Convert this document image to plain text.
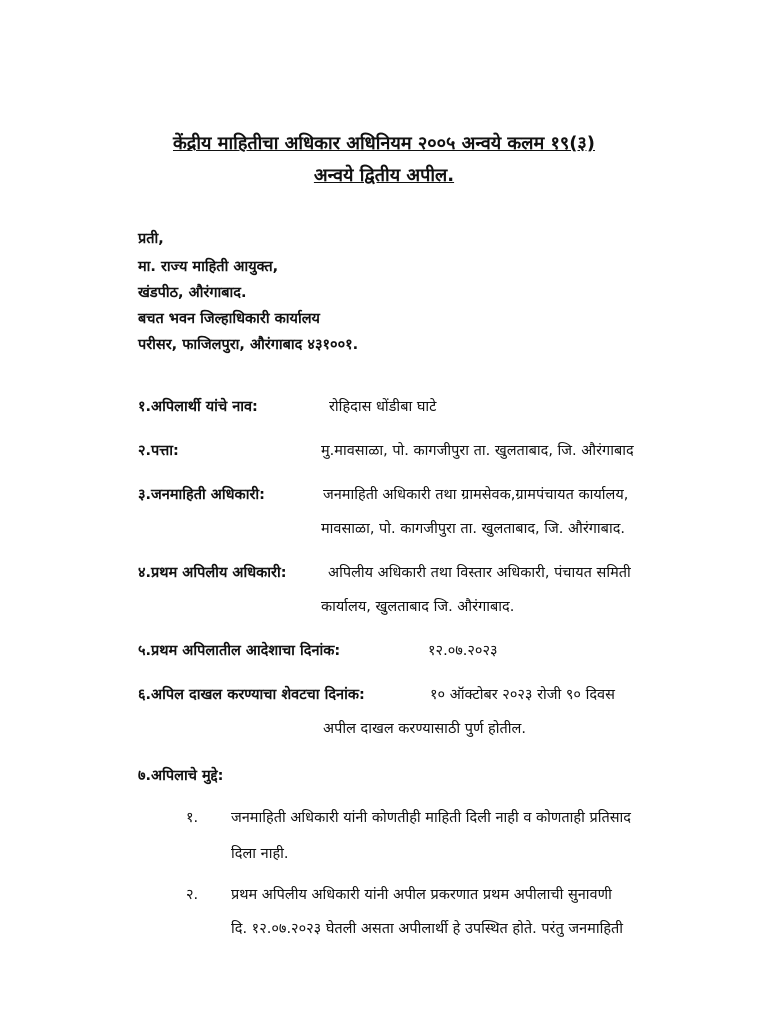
केंद्रीय माहितीचा अधिकार अधिनियम २००५ अन्वये कलम १९(३)
अन्वये द्वितीय अपील.
प्रती,
मा. राज्य माहिती आयुक्त,
खंडपीठ, औरंगाबाद.
बचत भवन जिल्हाधिकारी कार्यालय
परीसर, फाजिलपुरा, औरंगाबाद ४३१००१.
१.अपिलार्थी यांचे नाव:	रोहिदास धोंडीबा घाटे
२.पत्ता:	मु.मावसाळा, पो. कागजीपुरा ता. खुलताबाद, जि. औरंगाबाद
३.जनमाहिती अधिकारी:	जनमाहिती अधिकारी तथा ग्रामसेवक,ग्रामपंचायत कार्यालय,
मावसाळा, पो. कागजीपुरा ता. खुलताबाद, जि. औरंगाबाद.
४.प्रथम अपिलीय अधिकारी:	अपिलीय अधिकारी तथा विस्तार अधिकारी, पंचायत समिती
कार्यालय, खुलताबाद जि. औरंगाबाद.
५.प्रथम अपिलातील आदेशाचा दिनांक:	१२.०७.२०२३
६.अपिल दाखल करण्याचा शेवटचा दिनांक:	१० ऑक्टोबर २०२३ रोजी ९० दिवस
अपील दाखल करण्यासाठी पुर्ण होतील.
७.अपिलाचे मुद्दे:
१. जनमाहिती अधिकारी यांनी कोणतीही माहिती दिली नाही व कोणताही प्रतिसाद
दिला नाही.
२. प्रथम अपिलीय अधिकारी यांनी अपील प्रकरणात प्रथम अपीलाची सुनावणी
दि. १२.०७.२०२३ घेतली असता अपीलार्थी हे उपस्थित होते. परंतु जनमाहिती
